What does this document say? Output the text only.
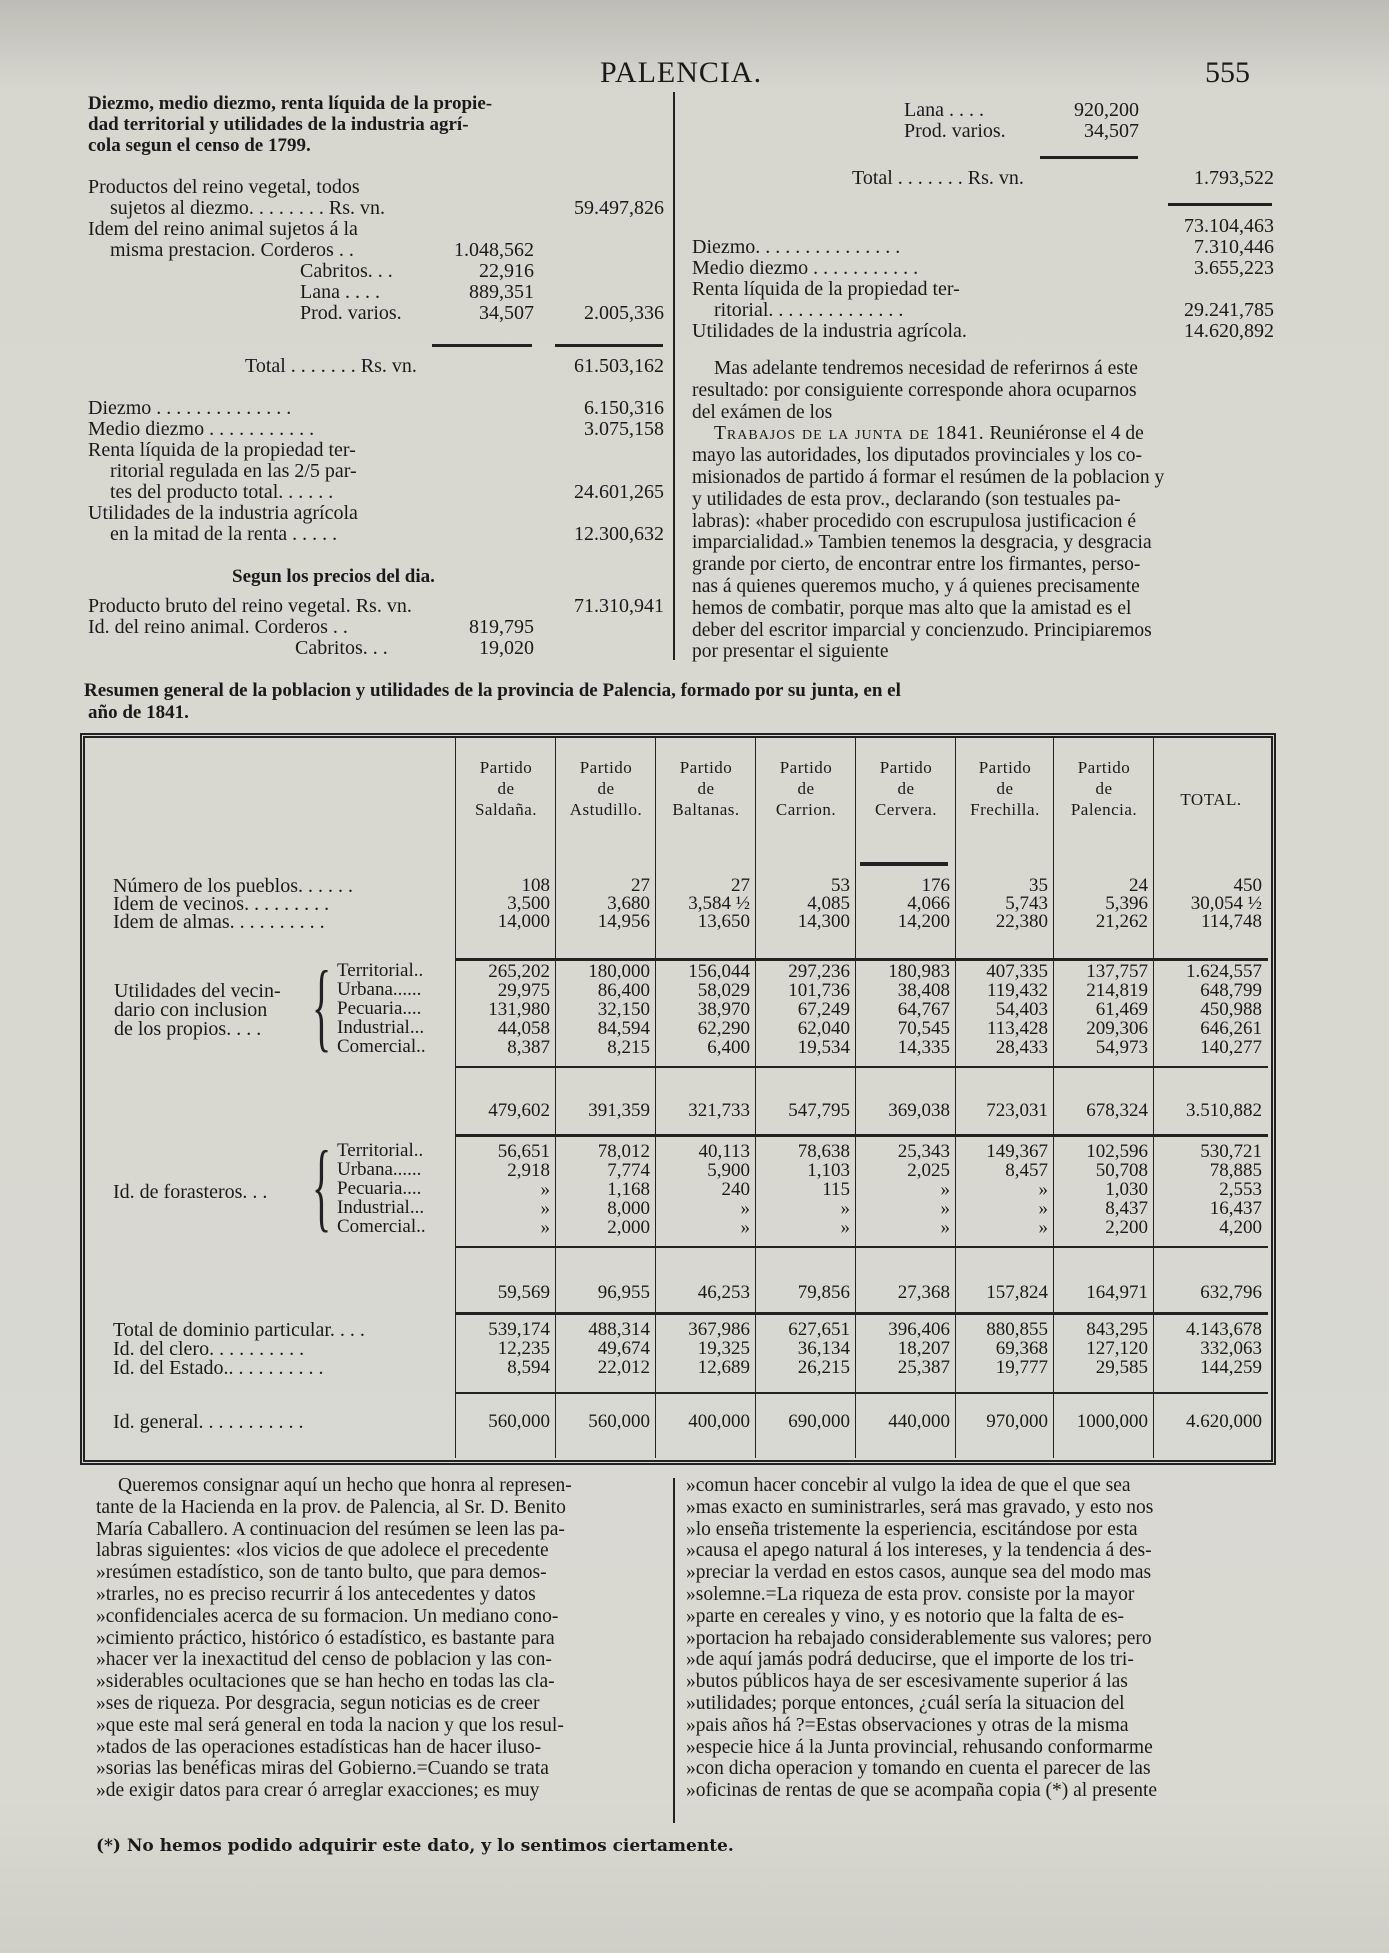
PALENCIA.	555
Diezmo, medio diezmo, renta líquida de la propie-
dad territorial y utilidades de la industria agrí-
cola segun el censo de 1799.
Productos del reino vegetal, todos
sujetos al diezmo. . . . . . . . Rs. vn.	59.497,826
Idem del reino animal sujetos á la
misma prestacion. Corderos . .	1.048,562
Cabritos. . .	22,916
Lana . . . .	889,351
Prod. varios.	34,507	2.005,336
Total . . . . . . . Rs. vn.	61.503,162
Diezmo . . . . . . . . . . . . . .	6.150,316
Medio diezmo . . . . . . . . . . .	3.075,158
Renta líquida de la propiedad ter-
ritorial regulada en las 2/5 par-
tes del producto total. . . . . .	24.601,265
Utilidades de la industria agrícola
en la mitad de la renta . . . . .	12.300,632
Segun los precios del dia.
Producto bruto del reino vegetal. Rs. vn.	71.310,941
Id. del reino animal. Corderos . .	819,795
Cabritos. . .	19,020
Lana . . . .	920,200
Prod. varios.	34,507
Total . . . . . . . Rs. vn.	1.793,522
73.104,463
Diezmo. . . . . . . . . . . . . . .	7.310,446
Medio diezmo . . . . . . . . . . .	3.655,223
Renta líquida de la propiedad ter-
ritorial. . . . . . . . . . . . . .	29.241,785
Utilidades de la industria agrícola.	14.620,892
Mas adelante tendremos necesidad de referirnos á este
resultado: por consiguiente corresponde ahora ocuparnos
del exámen de los
Trabajos de la junta de 1841. Reuniéronse el 4 de
mayo las autoridades, los diputados provinciales y los co-
misionados de partido á formar el resúmen de la poblacion y
y utilidades de esta prov., declarando (son testuales pa-
labras): «haber procedido con escrupulosa justificacion é
imparcialidad.» Tambien tenemos la desgracia, y desgracia
grande por cierto, de encontrar entre los firmantes, perso-
nas á quienes queremos mucho, y á quienes precisamente
hemos de combatir, porque mas alto que la amistad es el
deber del escritor imparcial y concienzudo. Principiaremos
por presentar el siguiente
Resumen general de la poblacion y utilidades de la provincia de Palencia, formado por su junta, en el
año de 1841.
Partido
de
Saldaña.
Partido
de
Astudillo.
Partido
de
Baltanas.
Partido
de
Carrion.
Partido
de
Cervera.
Partido
de
Frechilla.
Partido
de
Palencia.
TOTAL.
Número de los pueblos. . . . . .	108	27	27	53	176	35	24	450
Idem de vecinos. . . . . . . . .	3,500	3,680	3,584 ½	4,085	4,066	5,743	5,396	30,054 ½
Idem de almas. . . . . . . . . .	14,000	14,956	13,650	14,300	14,200	22,380	21,262	114,748
Utilidades del vecin-
dario con inclusion
de los propios. . . . { Territorial..	265,202	180,000	156,044	297,236	180,983	407,335	137,757	1.624,557
Urbana......	29,975	86,400	58,029	101,736	38,408	119,432	214,819	648,799
Pecuaria....	131,980	32,150	38,970	67,249	64,767	54,403	61,469	450,988
Industrial...	44,058	84,594	62,290	62,040	70,545	113,428	209,306	646,261
Comercial..	8,387	8,215	6,400	19,534	14,335	28,433	54,973	140,277
479,602	391,359	321,733	547,795	369,038	723,031	678,324	3.510,882
Id. de forasteros. . . { Territorial..	56,651	78,012	40,113	78,638	25,343	149,367	102,596	530,721
Urbana......	2,918	7,774	5,900	1,103	2,025	8,457	50,708	78,885
Pecuaria....	»	1,168	240	115	»	»	1,030	2,553
Industrial...	»	8,000	»	»	»	»	8,437	16,437
Comercial..	»	2,000	»	»	»	»	2,200	4,200
59,569	96,955	46,253	79,856	27,368	157,824	164,971	632,796
Total de dominio particular. . . .	539,174	488,314	367,986	627,651	396,406	880,855	843,295	4.143,678
Id. del clero. . . . . . . . . .	12,235	49,674	19,325	36,134	18,207	69,368	127,120	332,063
Id. del Estado.. . . . . . . . . .	8,594	22,012	12,689	26,215	25,387	19,777	29,585	144,259
Id. general. . . . . . . . . . .	560,000	560,000	400,000	690,000	440,000	970,000	1000,000	4.620,000
Queremos consignar aquí un hecho que honra al represen-
tante de la Hacienda en la prov. de Palencia, al Sr. D. Benito
María Caballero. A continuacion del resúmen se leen las pa-
labras siguientes: «los vicios de que adolece el precedente
»resúmen estadístico, son de tanto bulto, que para demos-
»trarles, no es preciso recurrir á los antecedentes y datos
»confidenciales acerca de su formacion. Un mediano cono-
»cimiento práctico, histórico ó estadístico, es bastante para
»hacer ver la inexactitud del censo de poblacion y las con-
»siderables ocultaciones que se han hecho en todas las cla-
»ses de riqueza. Por desgracia, segun noticias es de creer
»que este mal será general en toda la nacion y que los resul-
»tados de las operaciones estadísticas han de hacer iluso-
»sorias las benéficas miras del Gobierno.=Cuando se trata
»de exigir datos para crear ó arreglar exacciones; es muy
»comun hacer concebir al vulgo la idea de que el que sea
»mas exacto en suministrarles, será mas gravado, y esto nos
»lo enseña tristemente la esperiencia, escitándose por esta
»causa el apego natural á los intereses, y la tendencia á des-
»preciar la verdad en estos casos, aunque sea del modo mas
»solemne.=La riqueza de esta prov. consiste por la mayor
»parte en cereales y vino, y es notorio que la falta de es-
»portacion ha rebajado considerablemente sus valores; pero
»de aquí jamás podrá deducirse, que el importe de los tri-
»butos públicos haya de ser escesivamente superior á las
»utilidades; porque entonces, ¿cuál sería la situacion del
»pais años há ?=Estas observaciones y otras de la misma
»especie hice á la Junta provincial, rehusando conformarme
»con dicha operacion y tomando en cuenta el parecer de las
»oficinas de rentas de que se acompaña copia (*) al presente
(*) No hemos podido adquirir este dato, y lo sentimos ciertamente.
